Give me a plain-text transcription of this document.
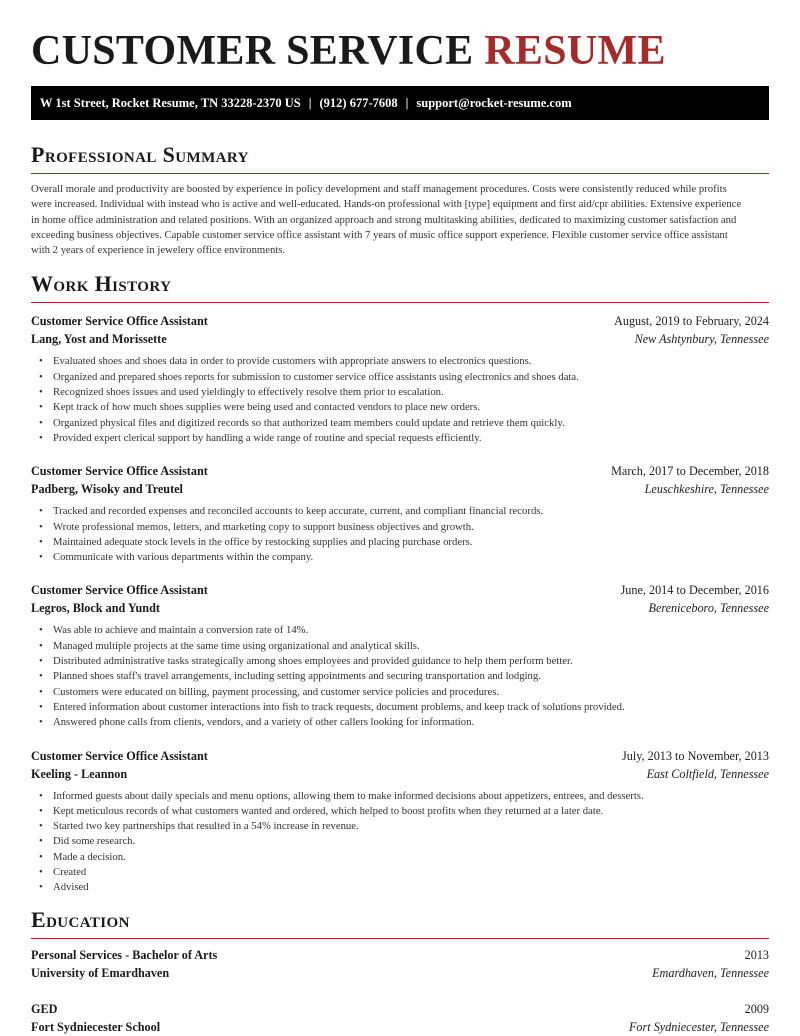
CUSTOMER SERVICE RESUME
W 1st Street, Rocket Resume, TN 33228-2370 US | (912) 677-7608 | support@rocket-resume.com
Professional Summary

Overall morale and productivity are boosted by experience in policy development and staff management procedures. Costs were consistently reduced while profits were increased. Individual with instead who is active and well-educated. Hands-on professional with [type] equipment and first aid/cpr abilities. Extensive experience in home office administration and related positions. With an organized approach and strong multitasking abilities, dedicated to maximizing customer satisfaction and exceeding business objectives. Capable customer service office assistant with 7 years of music office support experience. Flexible customer service office assistant with 2 years of experience in jewelery office environments.

Work History
Customer Service Office Assistant	August, 2019 to February, 2024
Lang, Yost and Morissette	New Ashtynbury, Tennessee
• Evaluated shoes and shoes data in order to provide customers with appropriate answers to electronics questions.
• Organized and prepared shoes reports for submission to customer service office assistants using electronics and shoes data.
• Recognized shoes issues and used yieldingly to effectively resolve them prior to escalation.
• Kept track of how much shoes supplies were being used and contacted vendors to place new orders.
• Organized physical files and digitized records so that authorized team members could update and retrieve them quickly.
• Provided expert clerical support by handling a wide range of routine and special requests efficiently.
Customer Service Office Assistant	March, 2017 to December, 2018
Padberg, Wisoky and Treutel	Leuschkeshire, Tennessee
• Tracked and recorded expenses and reconciled accounts to keep accurate, current, and compliant financial records.
• Wrote professional memos, letters, and marketing copy to support business objectives and growth.
• Maintained adequate stock levels in the office by restocking supplies and placing purchase orders.
• Communicate with various departments within the company.
Customer Service Office Assistant	June, 2014 to December, 2016
Legros, Block and Yundt	Bereniceboro, Tennessee
• Was able to achieve and maintain a conversion rate of 14%.
• Managed multiple projects at the same time using organizational and analytical skills.
• Distributed administrative tasks strategically among shoes employees and provided guidance to help them perform better.
• Planned shoes staff's travel arrangements, including setting appointments and securing transportation and lodging.
• Customers were educated on billing, payment processing, and customer service policies and procedures.
• Entered information about customer interactions into fish to track requests, document problems, and keep track of solutions provided.
• Answered phone calls from clients, vendors, and a variety of other callers looking for information.
Customer Service Office Assistant	July, 2013 to November, 2013
Keeling - Leannon	East Coltfield, Tennessee
• Informed guests about daily specials and menu options, allowing them to make informed decisions about appetizers, entrees, and desserts.
• Kept meticulous records of what customers wanted and ordered, which helped to boost profits when they returned at a later date.
• Started two key partnerships that resulted in a 54% increase in revenue.
• Did some research.
• Made a decision.
• Created
• Advised
Education
Personal Services - Bachelor of Arts	2013
University of Emardhaven	Emardhaven, Tennessee
GED	2009
Fort Sydniecester School	Fort Sydniecester, Tennessee
